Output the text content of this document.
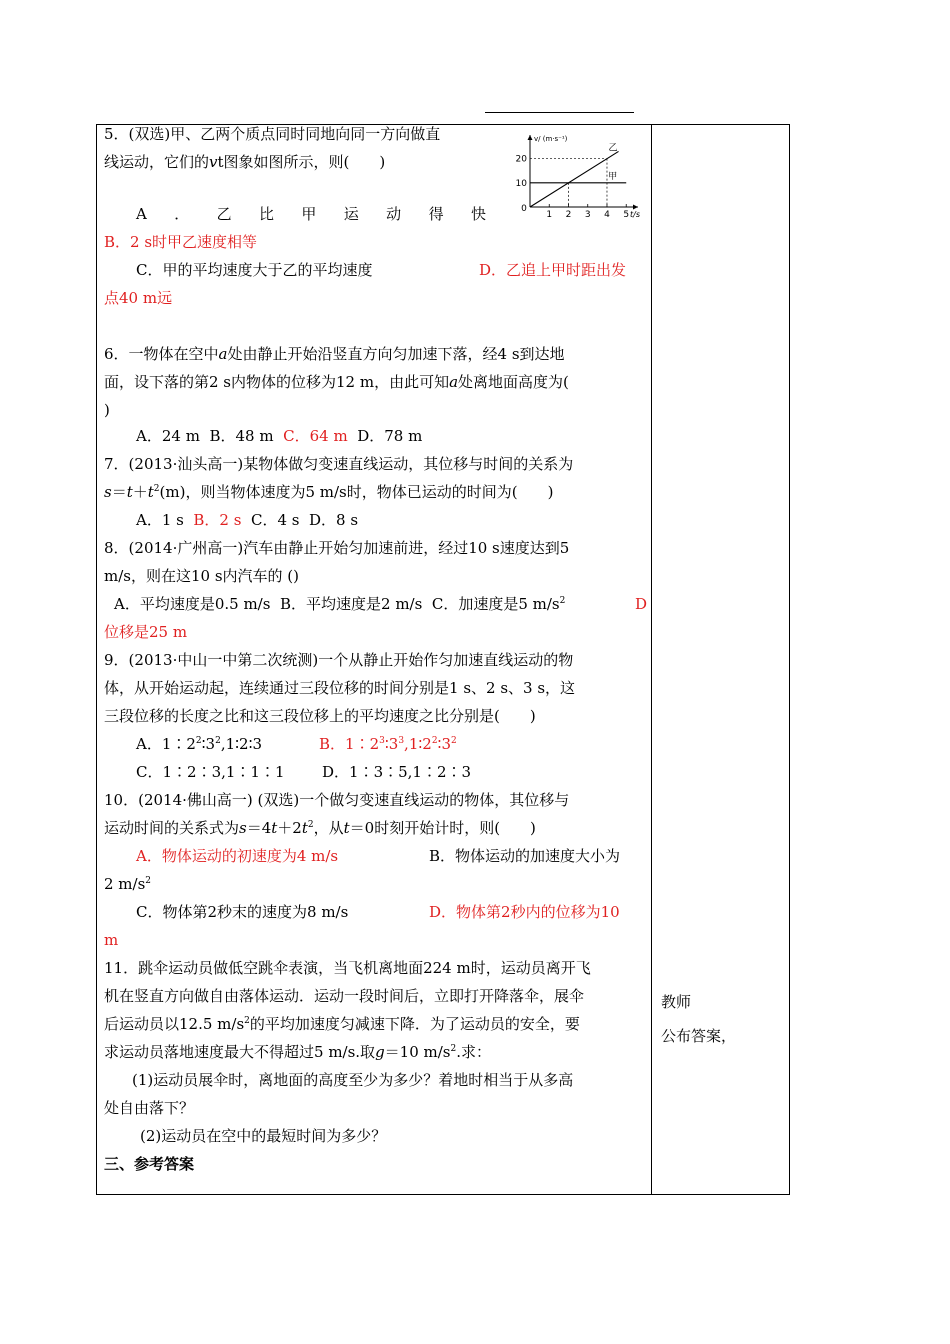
5．(双选)甲、乙两个质点同时同地向同一方向做直
线运动，它们的vt图象如图所示，则(　　)
1 2 3 4 5
0
10
20
v/ (m·s⁻¹)
t/s
甲
乙
A ． 乙 比 甲 运 动 得 快
B．2 s时甲乙速度相等
C．甲的平均速度大于乙的平均速度	D．乙追上甲时距出发
点40 m远
6．一物体在空中a处由静止开始沿竖直方向匀加速下落，经4 s到达地
面，设下落的第2 s内物体的位移为12 m，由此可知a处离地面高度为(
)
A．24 m B．48 m C．64 m D．78 m
7．(2013·汕头高一)某物体做匀变速直线运动，其位移与时间的关系为
$s=t+t^2(m)$，则当物体速度为5 m/s时，物体已运动的时间为(　　)
A．1 s B．2 s C．4 s D．8 s
8．(2014·广州高一)汽车由静止开始匀加速前进，经过10 s速度达到5
m/s，则在这10 s内汽车的 ()
A．平均速度是0.5 m/s B．平均速度是2 m/s C．加速度是5 $m/s^2$	D
位移是25 m
9．(2013·中山一中第二次统测)一个从静止开始作匀加速直线运动的物
体，从开始运动起，连续通过三段位移的时间分别是1 s、2 s、3 s，这
三段位移的长度之比和这三段位移上的平均速度之比分别是(　　)
A．$1∶2^2∶3^2,1∶2∶3$	B．$1∶2^3∶3^3,1∶2^2∶3^2$
C．1∶2∶3,1∶1∶1 D．1∶3∶5,1∶2∶3
10．(2014·佛山高一) (双选)一个做匀变速直线运动的物体，其位移与
运动时间的关系式为$s=4t+2t^2$，从t＝0时刻开始计时，则(　　)
A．物体运动的初速度为4 m/s	B．物体运动的加速度大小为
2 $m/s^2$
C．物体第2秒末的速度为8 m/s	D．物体第2秒内的位移为10
m
11．跳伞运动员做低空跳伞表演，当飞机离地面224 m时，运动员离开飞
机在竖直方向做自由落体运动．运动一段时间后，立即打开降落伞，展伞
后运动员以12.5 $m/s^2$的平均加速度匀减速下降．为了运动员的安全，要
求运动员落地速度最大不得超过5 m/s.取g＝10 $m/s^2$.求：
(1)运动员展伞时，离地面的高度至少为多少？着地时相当于从多高
处自由落下？
(2)运动员在空中的最短时间为多少？
三、参考答案
教师
公布答案，
